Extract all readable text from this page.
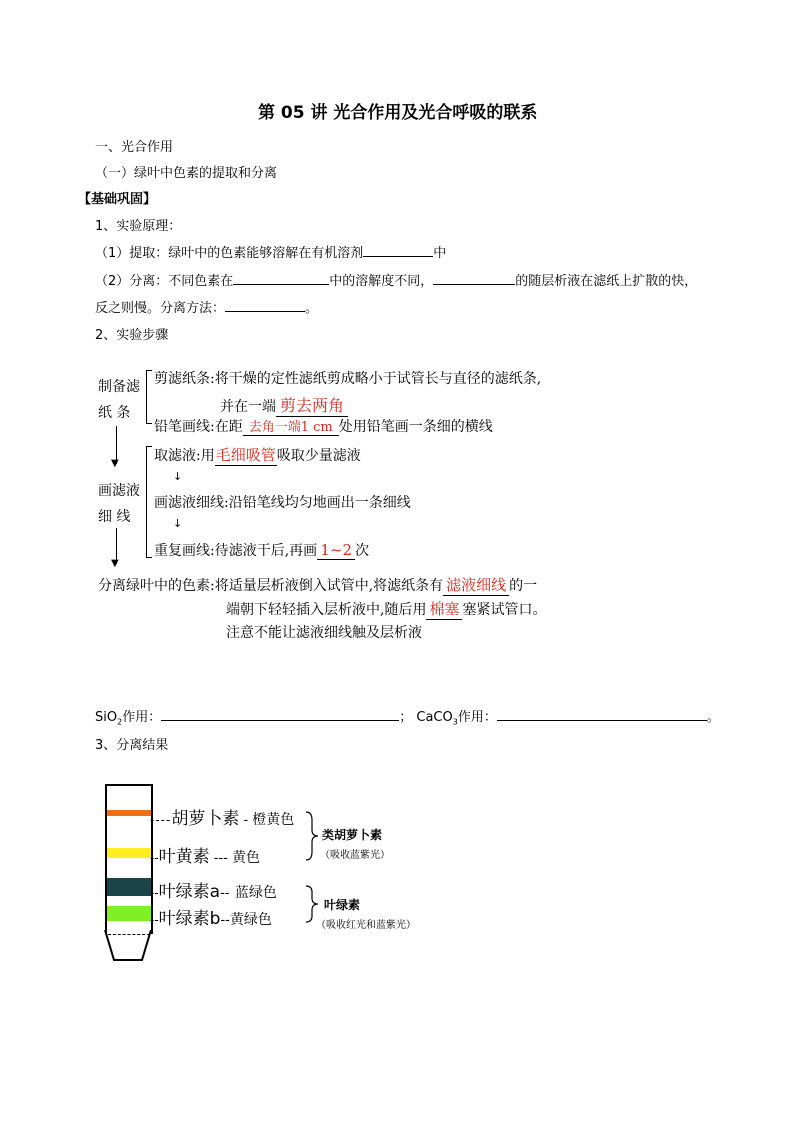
第 05 讲 光合作用及光合呼吸的联系
一、光合作用
（一）绿叶中色素的提取和分离
【基础巩固】
1、实验原理：
（1）提取：绿叶中的色素能够溶解在有机溶剂	中
（2）分离：不同色素在	中的溶解度不同，	的随层析液在滤纸上扩散的快，
反之则慢。分离方法：	。
2、实验步骤
制备滤
纸 条
剪滤纸条:将干燥的定性滤纸剪成略小于试管长与直径的滤纸条,
并在一端 剪去两角
铅笔画线:在距 去角一端1 cm 处用铅笔画一条细的横线
▼
画滤液
细 线
取滤液:用毛细吸管吸取少量滤液
↓
画滤液细线:沿铅笔线均匀地画出一条细线
↓
重复画线:待滤液干后,再画 1~2 次
▼
分离绿叶中的色素:将适量层析液倒入试管中,将滤纸条有 滤液细线 的一
端朝下轻轻插入层析液中,随后用 棉塞 塞紧试管口。
注意不能让滤液细线触及层析液
SiO$_2$作用：	； CaCO$_3$作用：	。
3、分离结果
----胡萝卜素 - 橙黄色
--叶黄素 --- 黄色
--叶绿素a-- 蓝绿色
--叶绿素b--黄绿色
类胡萝卜素
（吸收蓝紫光）
叶绿素
（吸收红光和蓝紫光）
